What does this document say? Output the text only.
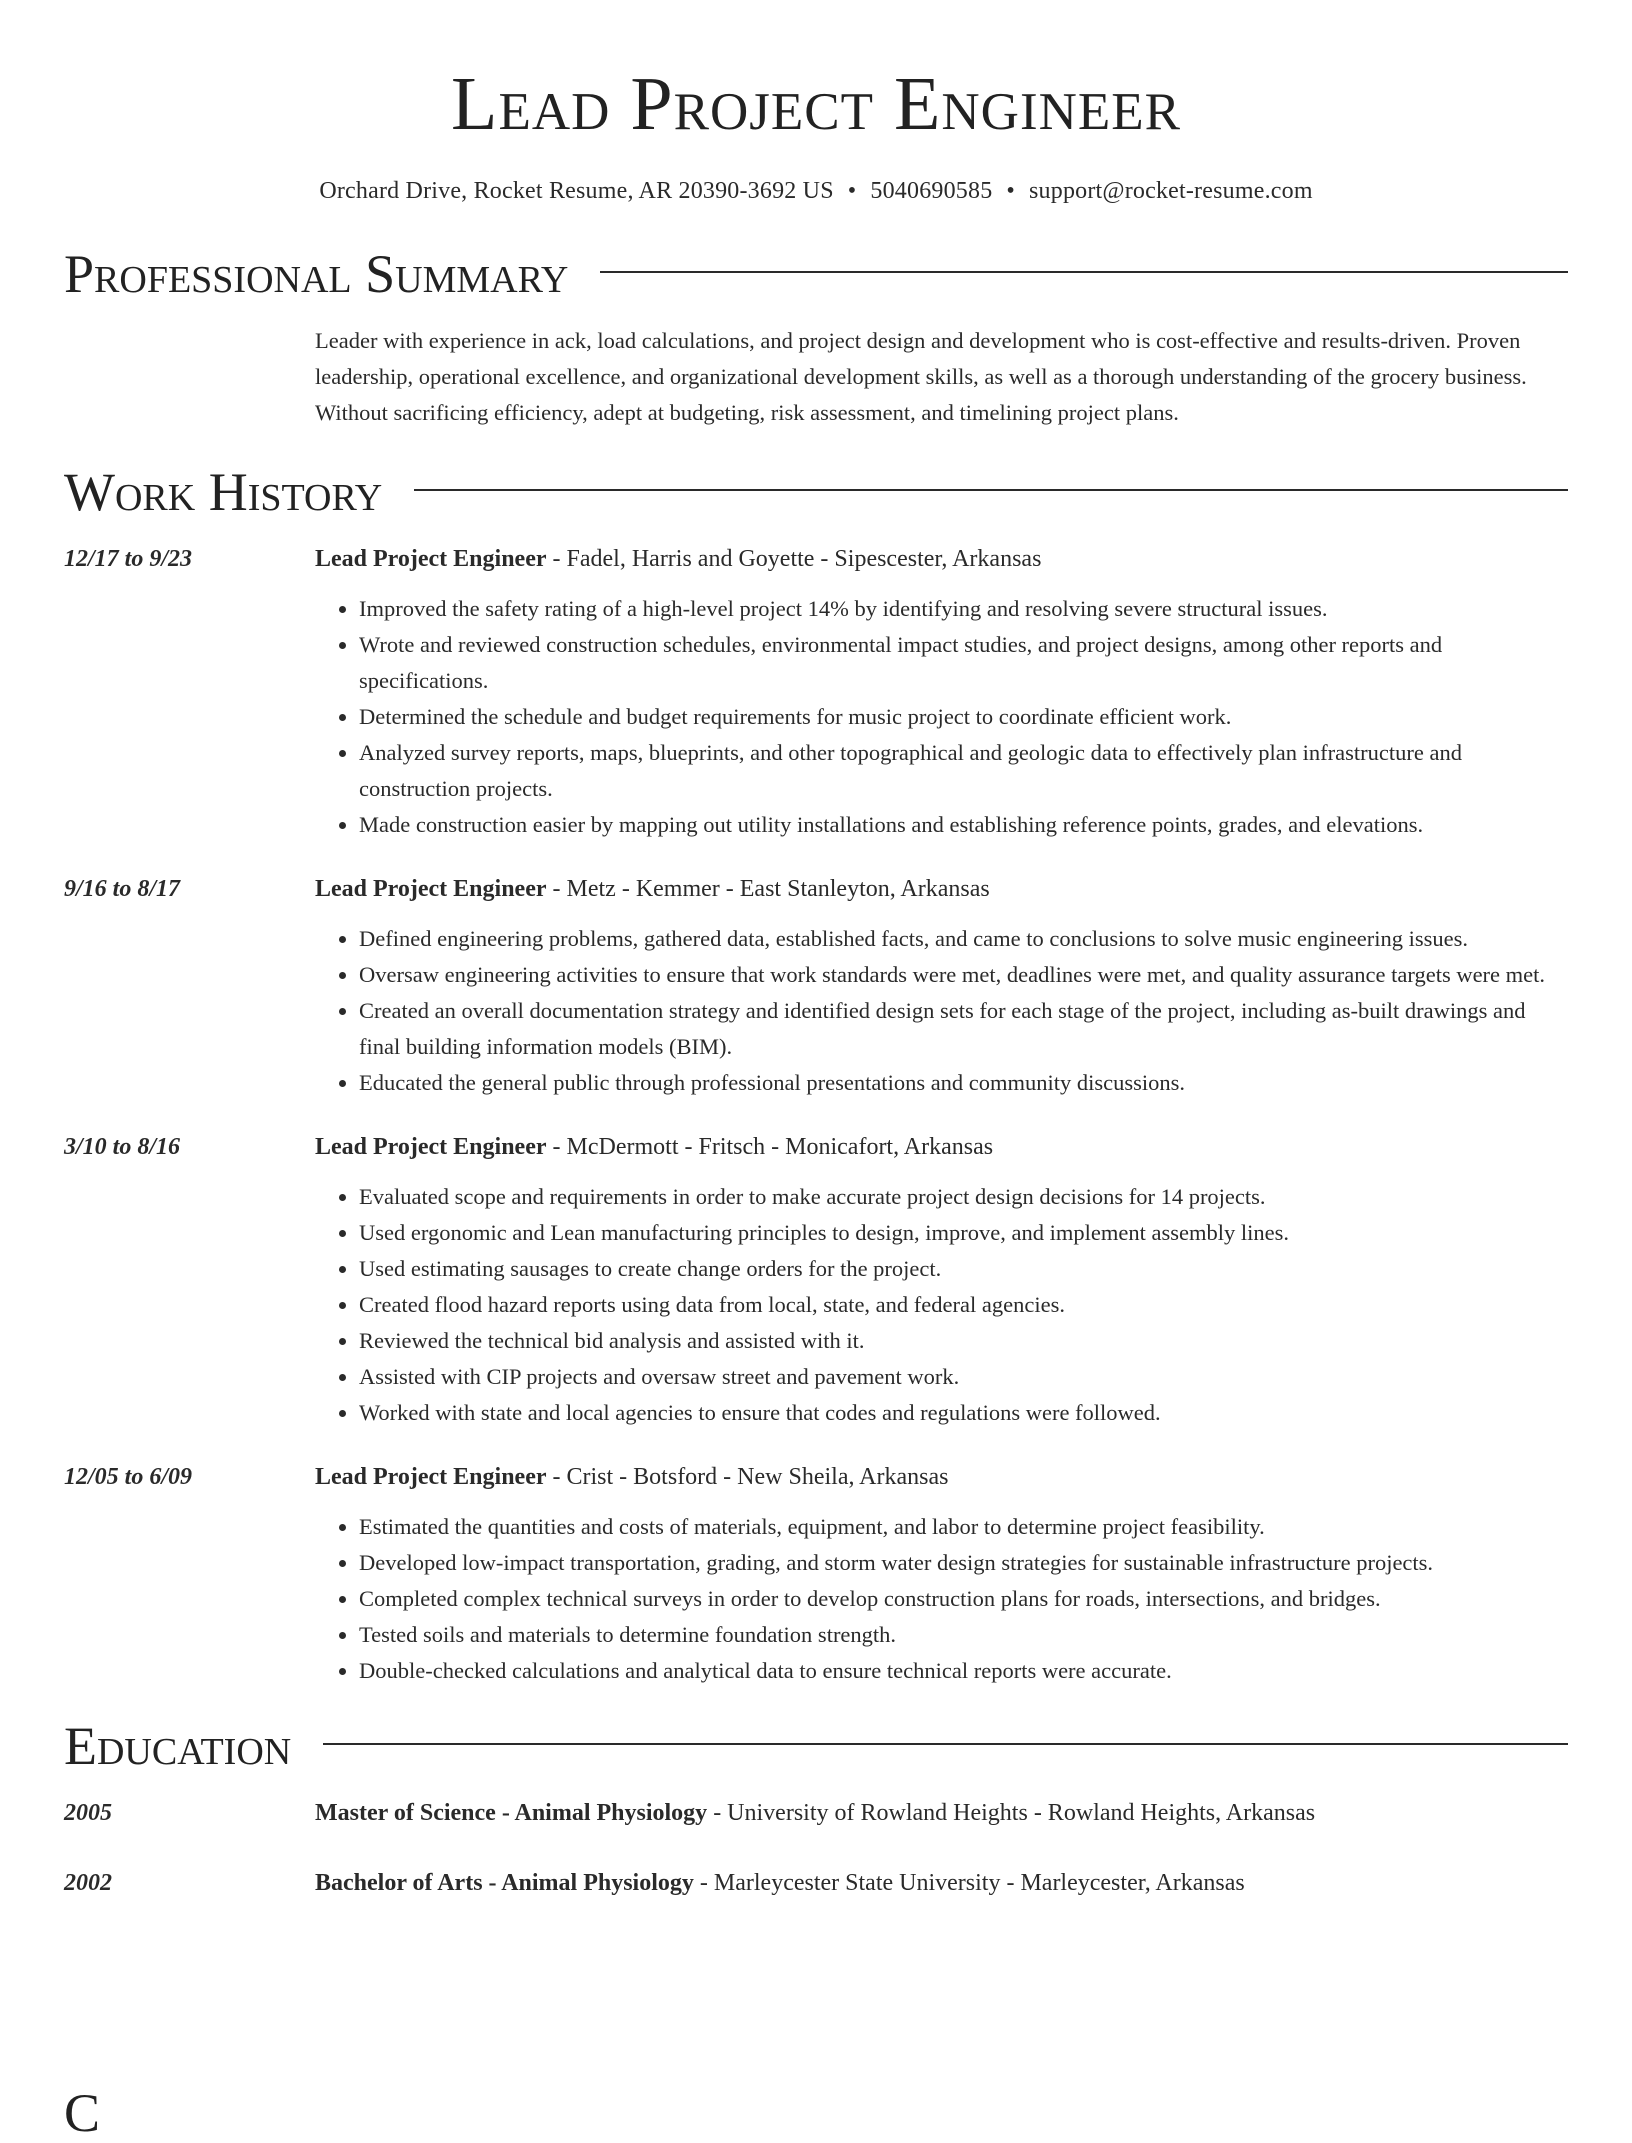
Lead Project Engineer
Orchard Drive, Rocket Resume, AR 20390-3692 US • 5040690585 • support@rocket-resume.com
Professional Summary
Leader with experience in ack, load calculations, and project design and development who is cost-effective and results-driven. Proven leadership, operational excellence, and organizational development skills, as well as a thorough understanding of the grocery business. Without sacrificing efficiency, adept at budgeting, risk assessment, and timelining project plans.
Work History
12/17 to 9/23	Lead Project Engineer - Fadel, Harris and Goyette - Sipescester, Arkansas
• Improved the safety rating of a high-level project 14% by identifying and resolving severe structural issues.
• Wrote and reviewed construction schedules, environmental impact studies, and project designs, among other reports and specifications.
• Determined the schedule and budget requirements for music project to coordinate efficient work.
• Analyzed survey reports, maps, blueprints, and other topographical and geologic data to effectively plan infrastructure and construction projects.
• Made construction easier by mapping out utility installations and establishing reference points, grades, and elevations.
9/16 to 8/17	Lead Project Engineer - Metz - Kemmer - East Stanleyton, Arkansas
• Defined engineering problems, gathered data, established facts, and came to conclusions to solve music engineering issues.
• Oversaw engineering activities to ensure that work standards were met, deadlines were met, and quality assurance targets were met.
• Created an overall documentation strategy and identified design sets for each stage of the project, including as-built drawings and final building information models (BIM).
• Educated the general public through professional presentations and community discussions.
3/10 to 8/16	Lead Project Engineer - McDermott - Fritsch - Monicafort, Arkansas
• Evaluated scope and requirements in order to make accurate project design decisions for 14 projects.
• Used ergonomic and Lean manufacturing principles to design, improve, and implement assembly lines.
• Used estimating sausages to create change orders for the project.
• Created flood hazard reports using data from local, state, and federal agencies.
• Reviewed the technical bid analysis and assisted with it.
• Assisted with CIP projects and oversaw street and pavement work.
• Worked with state and local agencies to ensure that codes and regulations were followed.
12/05 to 6/09	Lead Project Engineer - Crist - Botsford - New Sheila, Arkansas
• Estimated the quantities and costs of materials, equipment, and labor to determine project feasibility.
• Developed low-impact transportation, grading, and storm water design strategies for sustainable infrastructure projects.
• Completed complex technical surveys in order to develop construction plans for roads, intersections, and bridges.
• Tested soils and materials to determine foundation strength.
• Double-checked calculations and analytical data to ensure technical reports were accurate.
Education
2005	Master of Science - Animal Physiology - University of Rowland Heights - Rowland Heights, Arkansas
2002	Bachelor of Arts - Animal Physiology - Marleycester State University - Marleycester, Arkansas
C
